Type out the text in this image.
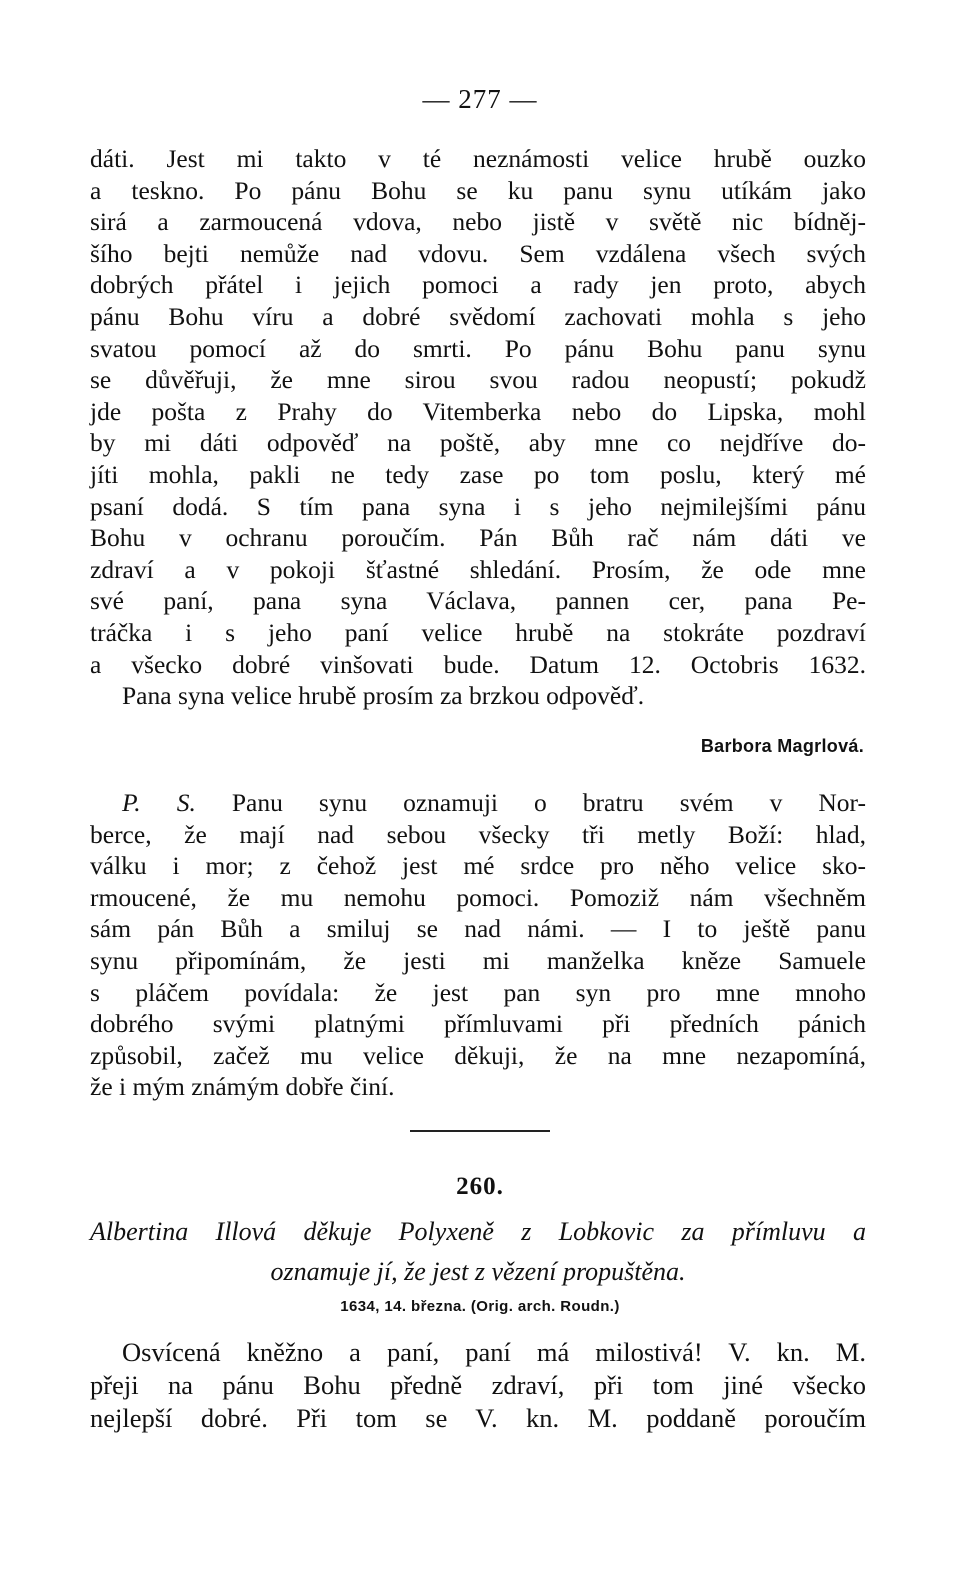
— 277 —
dáti. Jest mi takto v té neznámosti velice hrubě ouzko
a teskno. Po pánu Bohu se ku panu synu utíkám jako
sirá a zarmoucená vdova, nebo jistě v světě nic bídněj-
šího bejti nemůže nad vdovu. Sem vzdálena všech svých
dobrých přátel i jejich pomoci a rady jen proto, abych
pánu Bohu víru a dobré svědomí zachovati mohla s jeho
svatou pomocí až do smrti. Po pánu Bohu panu synu
se důvěřuji, že mne sirou svou radou neopustí; pokudž
jde pošta z Prahy do Vitemberka nebo do Lipska, mohl
by mi dáti odpověď na poště, aby mne co nejdříve do-
jíti mohla, pakli ne tedy zase po tom poslu, který mé
psaní dodá. S tím pana syna i s jeho nejmilejšími pánu
Bohu v ochranu poroučím. Pán Bůh rač nám dáti ve
zdraví a v pokoji šťastné shledání. Prosím, že ode mne
své paní, pana syna Václava, pannen cer, pana Pe-
tráčka i s jeho paní velice hrubě na stokráte pozdraví
a všecko dobré vinšovati bude. Datum 12. Octobris 1632.
Pana syna velice hrubě prosím za brzkou odpověď.
Barbora Magrlová.
P. S. Panu synu oznamuji o bratru svém v Nor-
berce, že mají nad sebou všecky tři metly Boží: hlad,
válku i mor; z čehož jest mé srdce pro něho velice sko-
rmoucené, že mu nemohu pomoci. Pomoziž nám všechněm
sám pán Bůh a smiluj se nad námi. — I to ještě panu
synu připomínám, že jesti mi manželka kněze Samuele
s pláčem povídala: že jest pan syn pro mne mnoho
dobrého svými platnými přímluvami při předních pánich
způsobil, začež mu velice děkuji, že na mne nezapomíná,
že i mým známým dobře činí.
260.
Albertina Illová děkuje Polyxeně z Lobkovic za přímluvu a
oznamuje jí, že jest z vězení propuštěna.
1634, 14. března. (Orig. arch. Roudn.)
Osvícená kněžno a paní, paní má milostivá! V. kn. M.
přeji na pánu Bohu předně zdraví, při tom jiné všecko
nejlepší dobré. Při tom se V. kn. M. poddaně poroučím
